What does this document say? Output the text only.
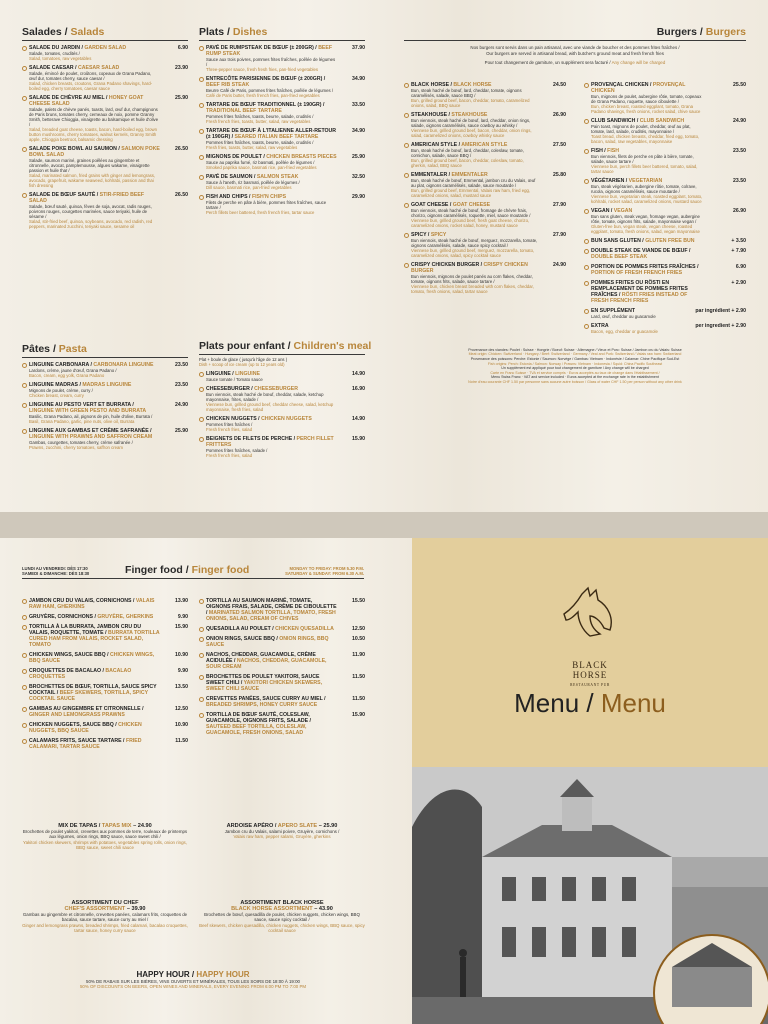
Salades / Salads
SALADE DU JARDIN / GARDEN SALAD
Salade, tomates, crudités /
Salad, tomatoes, raw vegetables
6.90
SALADE CAESAR / CAESAR SALAD
Salade, émincé de poulet, croûtons, copeaux de Grana Padano, œuf dur, tomates cherry, sauce caesar /
Salad, chicken breasts, croutons, Grana Padano shavings, hard-boiled egg, cherry tomatoes, caesar sauce
23.90
SALADE DE CHÈVRE AU MIEL / HONEY GOAT CHEESE SALAD
Salade, palets de chèvre panés, toasts, lard, œuf dur, champignons de Paris bruns, tomates cherry, cerneaux de noix, pomme Granny Smith, betterave Chioggia, vinaigrette au balsamique et huile d'olive /
Salad, breaded goat cheese, toasts, bacon, hard-boiled egg, brown button mushrooms, cherry tomatoes, walnut kernels, Granny Smith apple, Chioggia beetroot, balsamic dressing
25.90
SALADE POKE BOWL AU SAUMON / SALMON POKE BOWL SALAD
Salade, saumon mariné, graines poêlées au gingembre et citronnelle, avocat, pamplemousse, algues wakame, vinaigrette passion et huile thaï /
Salad, marinated salmon, fried grains with ginger and lemongrass, avocado, grapefruit, wakame seaweed, kohlrabi, passion and thai fish dressing
26.50
SALADE DE BŒUF SAUTÉ / STIR-FRIED BEEF SALAD
Salade, bœuf sauté, quinoa, fèves de soja, avocat, radis rouges, poivrons rouges, courgettes marinées, sauce teriyaki, huile de sésame /
Salad, stir-fried beef, quinoa, soybeans, avocado, red radish, red peppers, marinated zucchini, teriyaki sauce, sesame oil
26.50
Pâtes / Pasta
LINGUINE CARBONARA / CARBONARA LINGUINE
Lardons, crème, jaune d'œuf, Grana Padano /
Bacon, cream, egg yolk, Grana Padano
23.50
LINGUINE MADRAS / MADRAS LINGUINE
Mignons de poulet, crème, curry /
Chicken breast, cream, curry
23.50
LINGUINE AU PESTO VERT ET BURRATA / LINGUINE WITH GREEN PESTO AND BURRATA
Basilic, Grana Padano, ail, pignons de pin, huile d'olive, Burrata /
Basil, Grana Padano, garlic, pine nuts, olive oil, Burrata
24.90
LINGUINE AUX GAMBAS ET CRÈME SAFRANÉE / LINGUINE WITH PRAWNS AND SAFFRON CREAM
Gambas, courgettes, tomates cherry, crème safranée /
Prawns, zucchini, cherry tomatoes, saffron cream
25.90
Plats / Dishes
PAVÉ DE RUMPSTEAK DE BŒUF (± 200GR) / BEEF RUMP STEAK
Sauce aux trois poivres, pommes frites fraîches, poêlée de légumes /
Three-pepper sauce, fresh fresh fries, pan-fried vegetables
37.90
ENTRECÔTE PARISIENNE DE BŒUF (± 200GR) / BEEF RIB STEAK
Beurre Café de Paris, pommes frites fraîches, poêlée de légumes /
Café de Paris butter, fresh french fries, pan-fried vegetables
34.90
TARTARE DE BŒUF TRADITIONNEL (± 190GR) / TRADITIONAL BEEF TARTARE
Pommes frites fraîches, toasts, beurre, salade, crudités /
Fresh french fries, toasts, butter, salad, raw vegetables
33.50
TARTARE DE BŒUF À L'ITALIENNE ALLER-RETOUR (± 190GR) / SEARED ITALIAN BEEF TARTARE
Pommes frites fraîches, toasts, beurre, salade, crudités /
Fresh fries, toasts, butter, salad, raw vegetables
34.90
MIGNONS DE POULET / CHICKEN BREASTS PIECES
Sauce au paprika fumé, riz basmati, poêlée de légumes /
Smoked paprika sauce, basmati rice, pan-fried vegetables
25.90
PAVÉ DE SAUMON / SALMON STEAK
Sauce à l'aneth, riz basmati, poêlée de légumes /
Dill sauce, basmati rice, pan-fried vegetables
32.50
FISH AND CHIPS / FISH'N CHIPS
Filets de perche en pâte à bière, pommes frites fraîches, sauce tartare /
Perch fillets beer battered, fresh french fries, tartar sauce
29.90
Plats pour enfant / Children's meal
Plat + boule de glace ( jusqu'à l'âge de 12 ans )
Dish + scoop of ice cream (up to 12 years old)
LINGUINE / LINGUINE
Sauce tomate / Tomato sauce
14.90
CHEESEBURGER / CHEESEBURGER
Bun viennois, steak haché de bœuf, cheddar, salade, ketchup mayonnaise, frites, salade /
Viennese bun, grilled ground beef, cheddar cheese, salad, ketchup mayonnaise, fresh fries, salad
16.90
CHICKEN NUGGETS / CHICKEN NUGGETS
Pommes frites fraîches /
Fresh french fries, salad
14.90
BEIGNETS DE FILETS DE PERCHE / PERCH FILLET FRITTERS
Pommes frites fraîches, salade /
Fresh french fries, salad
15.90
Burgers / Burgers
Nos burgers sont servis dans un pain artisanal, avec une viande de boucher et des pommes frites fraîches /
Our burgers are served in artisanal bread, with butcher's ground meat and fresh french fries
Pour tout changement de garniture, un supplément sera facturé / Any change will be charged
BLACK HORSE / BLACK HORSE
Bun, steak haché de bœuf, lard, cheddar, tomate, oignons caramélisés, salade, sauce BBQ /
Bun, grilled ground beef, bacon, cheddar, tomato, caramelized onions, salad, BBQ sauce
24.50
STEAKHOUSE / STEAKHOUSE
Bun viennois, steak haché de bœuf, lard, cheddar, onion rings, salade, oignons caramélisés, sauce cowboy au whisky /
Viennese bun, grilled ground beef, bacon, cheddar, onion rings, salad, caramelized onions, cowboy whisky sauce
26.90
AMERICAN STYLE / AMERICAN STYLE
Bun, steak haché de bœuf, lard, cheddar, coleslaw, tomate, cornichon, salade, sauce BBQ /
Bun, grilled ground beef, bacon, cheddar, coleslaw, tomato, gherkin, salad, BBQ sauce
27.50
EMMENTALER / EMMENTALER
Bun, steak haché de bœuf, Emmental, jambon cru du Valais, œuf au plat, oignons caramélisés, salade, sauce moutarde /
Bun, grilled ground beef, Emmental, Valais raw ham, fried egg, caramelized onions, salad, mustard sauce
25.80
GOAT CHEESE / GOAT CHEESE
Bun viennois, steak haché de bœuf, fromage de chèvre frais, chorizo, oignons caramélisés, roquette, miel, sauce moutarde /
Viennese bun, grilled ground beef, fresh goat cheese, chorizo, caramelized onions, rocket salad, honey, mustard sauce
27.90
SPICY / SPICY
Bun viennois, steak haché de bœuf, merguez, mozzarella, tomate, oignons caramélisés, salade, sauce spicy cocktail /
Viennese bun, grilled ground beef, merguez, mozzarella, tomato, caramelized onions, salad, spicy cocktail sauce
27.90
CRISPY CHICKEN BURGER / CRISPY CHICKEN BURGER
Bun viennois, mignons de poulet panés au corn flakes, cheddar, tomate, oignons frits, salade, sauce tartare /
Viennese bun, chicken breast breaded with corn flakes, cheddar, tomato, fresh onions, salad, tartar sauce
24.90
PROVENÇAL CHICKEN / PROVENÇAL CHICKEN
Bun, mignons de poulet, aubergine rôtie, tomate, copeaux de Grana Padano, roquette, sauce ciboulette /
Bun, chicken breast, roasted eggplant, tomato, Grana Padano shavings, fresh onions, rocket salad, chive sauce
25.50
CLUB SANDWICH / CLUB SANDWICH
Pain toast, mignons de poulet, cheddar, œuf au plat, tomate, lard, salade, crudités, mayonnaise /
Toast bread, chicken breasts, cheddar, fried egg, tomato, bacon, salad, raw vegetables, mayonnaise
24.90
FISH / FISH
Bun viennois, filets de perche en pâte à bière, tomate, salade, sauce tartare /
Viennese bun, perch fillets beer battered, tomato, salad, tartar sauce
23.50
VÉGÉTARIEN / VEGETARIAN
Bun, steak végétarien, aubergine rôtie, tomate, colrave, rucola, oignons caramélisés, sauce moutarde /
Viennese bun, vegetarian steak, roasted eggplant, tomato, kohlrabi, rocket salad, caramelized onions, mustard sauce
23.50
VEGAN / VEGAN
Bun sans gluten, steak vegan, fromage vegan, aubergine rôtie, tomate, oignons frits, salade, mayonnaise vegan /
Gluten-free bun, vegan steak, vegan cheese, roasted eggplant, tomato, fresh onions, salad, vegan mayonnaise
26.90
BUN SANS GLUTEN / GLUTEN FREE BUN	+ 3.50
DOUBLE STEAK DE VIANDE DE BŒUF / DOUBLE BEEF STEAK
+ 7.90
PORTION DE POMMES FRITES FRAÎCHES / PORTION OF FRESH FRENCH FRIES
6.90
POMMES FRITES OU RÖSTI EN REMPLACEMENT DE POMMES FRITES FRAÎCHES / RÖSTI FRIES INSTEAD OF FRESH FRENCH FRIES
+ 2.90
EN SUPPLÉMENT
Lard, œuf, cheddar ou guacamole
par ingrédient + 2.90
EXTRA
Bacon, egg, cheddar or guacamole
per ingredient + 2.90
Provenance des viandes: Poulet : Suisse · Hongrie / Boeuf: Suisse · Allemagne / Vieux et Porc: Suisse / Jambon cru du Valais: Suisse
Meat origin: Chicken: Switzerland · Hungary / Beef: Switzerland · Germany / Veal and Pork: Switzerland / Valais raw ham: Switzerland
Provenance des poissons: Perche: Estonie / Saumon: Norvège / Gambas: Vietnam · Indonésie / Calamar: Chine Pacifique Sud-Est
Fish origins: Perch: Estonia / Salmon: Norway / Prawns: Vietnam · Indonesia / Squid: China Pacific Southeast
Un supplément est appliqué pour tout changement de garniture / Any change will be charged
Carte en Franc Suisse · TVA et service compris · Euros acceptés au taux de change dans l'établissement /
Menu Swiss Franc · VAT and service included · Euros accepted at the exchange rate in the establishment
Notre d'eau courante CHF 1.50 par personne sans aucune autre boisson / Glass of water CHF 1.50 per person without any other drink
LUNDI AU VENDREDI: DÈS 17:30
SAMEDI & DIMANCHE: DÈS 18:30	Finger food / Finger food	MONDAY TO FRIDAY: FROM 5.30 P.M.
SATURDAY & SUNDAY: FROM 6.30 A.M.
JAMBON CRU DU VALAIS, CORNICHONS / VALAIS RAW HAM, GHERKINS
13.90
GRUYÈRE, CORNICHONS / GRUYÈRE, GHERKINS	9.90
TORTILLA À LA BURRATA, JAMBON CRU DU VALAIS, ROQUETTE, TOMATE / BURRATA TORTILLA CURED HAM FROM VALAIS, ROCKET SALAD, TOMATO
15.90
CHICKEN WINGS, SAUCE BBQ / CHICKEN WINGS, BBQ SAUCE
10.90
CROQUETTES DE BACALAO / BACALAO CROQUETTES
9.90
BROCHETTES DE BŒUF, TORTILLA, SAUCE SPICY COCKTAIL / BEEF SKEWERS, TORTILLA, SPICY COCKTAIL SAUCE
13.50
GAMBAS AU GINGEMBRE ET CITRONNELLE / GINGER AND LEMONGRASS PRAWNS
12.50
CHICKEN NUGGETS, SAUCE BBQ / CHICKEN NUGGETS, BBQ SAUCE
10.90
CALAMARS FRITS, SAUCE TARTARE / FRIED CALAMARI, TARTAR SAUCE
11.50
TORTILLA AU SAUMON MARINÉ, TOMATE, OIGNONS FRAIS, SALADE, CRÈME DE CIBOULETTE / MARINATED SALMON TORTILLA, TOMATO, FRESH ONIONS, SALAD, CREAM OF CHIVES
15.50
QUESADILLA AU POULET / CHICKEN QUESADILLA	12.50
ONION RINGS, SAUCE BBQ / ONION RINGS, BBQ SAUCE
10.50
NACHOS, CHEDDAR, GUACAMOLE, CRÈME ACIDULÉE / NACHOS, CHEDDAR, GUACAMOLE, SOUR CREAM
11.90
BROCHETTES DE POULET YAKITORI, SAUCE SWEET CHILI / YAKITORI CHICKEN SKEWERS, SWEET CHILI SAUCE
11.50
CREVETTES PANÉES, SAUCE CURRY AU MIEL / BREADED SHRIMPS, HONEY CURRY SAUCE
11.50
TORTILLA DE BŒUF SAUTÉ, COLESLAW, GUACAMOLE, OIGNONS FRITS, SALADE / SAUTEED BEEF TORTILLA, COLESLAW, GUACAMOLE, FRESH ONIONS, SALAD
15.90
MIX DE TAPAS / TAPAS MIX – 24.90
Brochettes de poulet yakitori, crevettes aux pommes de terre, rouleaux de printemps aux légumes, onion rings, BBQ sauce, sauce sweet chili /
Yakitori chicken skewers, shrimps with potatoes, vegetables spring rolls, onion rings, BBQ sauce, sweet chili sauce
ARDOISE APÉRO / APERO SLATE – 25.90
Jambon cru du Valais, salami poivre, Gruyère, cornichons /
Valais raw ham, pepper salami, Gruyère, gherkins
ASSORTIMENT DU CHEF
CHEF'S ASSORTMENT – 39.90
Gambas au gingembre et citronnelle, crevettes panées, calamars frits, croquettes de bacalao, sauce tartare, sauce curry au miel /
Ginger and lemongrass prawns, breaded shrimps, fried calamari, bacalao croquettes, tartar sauce, honey curry sauce
ASSORTIMENT BLACK HORSE
BLACK HORSE ASSORTMENT – 43.90
Brochettes de bœuf, quesadilla de poulet, chicken nuggets, chicken wings, BBQ sauce, sauce spicy cocktail /
Beef skewers, chicken quesadilla, chicken nuggets, chicken wings, BBQ sauce, spicy cocktail sauce
HAPPY HOUR / HAPPY HOUR
50% DE RABAIS SUR LES BIÈRES, VINS OUVERTS ET MINÉRALES, TOUS LES SOIRS DE 18:00 À 19:00
50% OF DISCOUNTS ON BEERS, OPEN WINES AND MINERALS, EVERY EVENING FROM 6:00 PM TO 7:00 PM
BLACK
HORSE
RESTAURANT PUB
Menu / Menu
